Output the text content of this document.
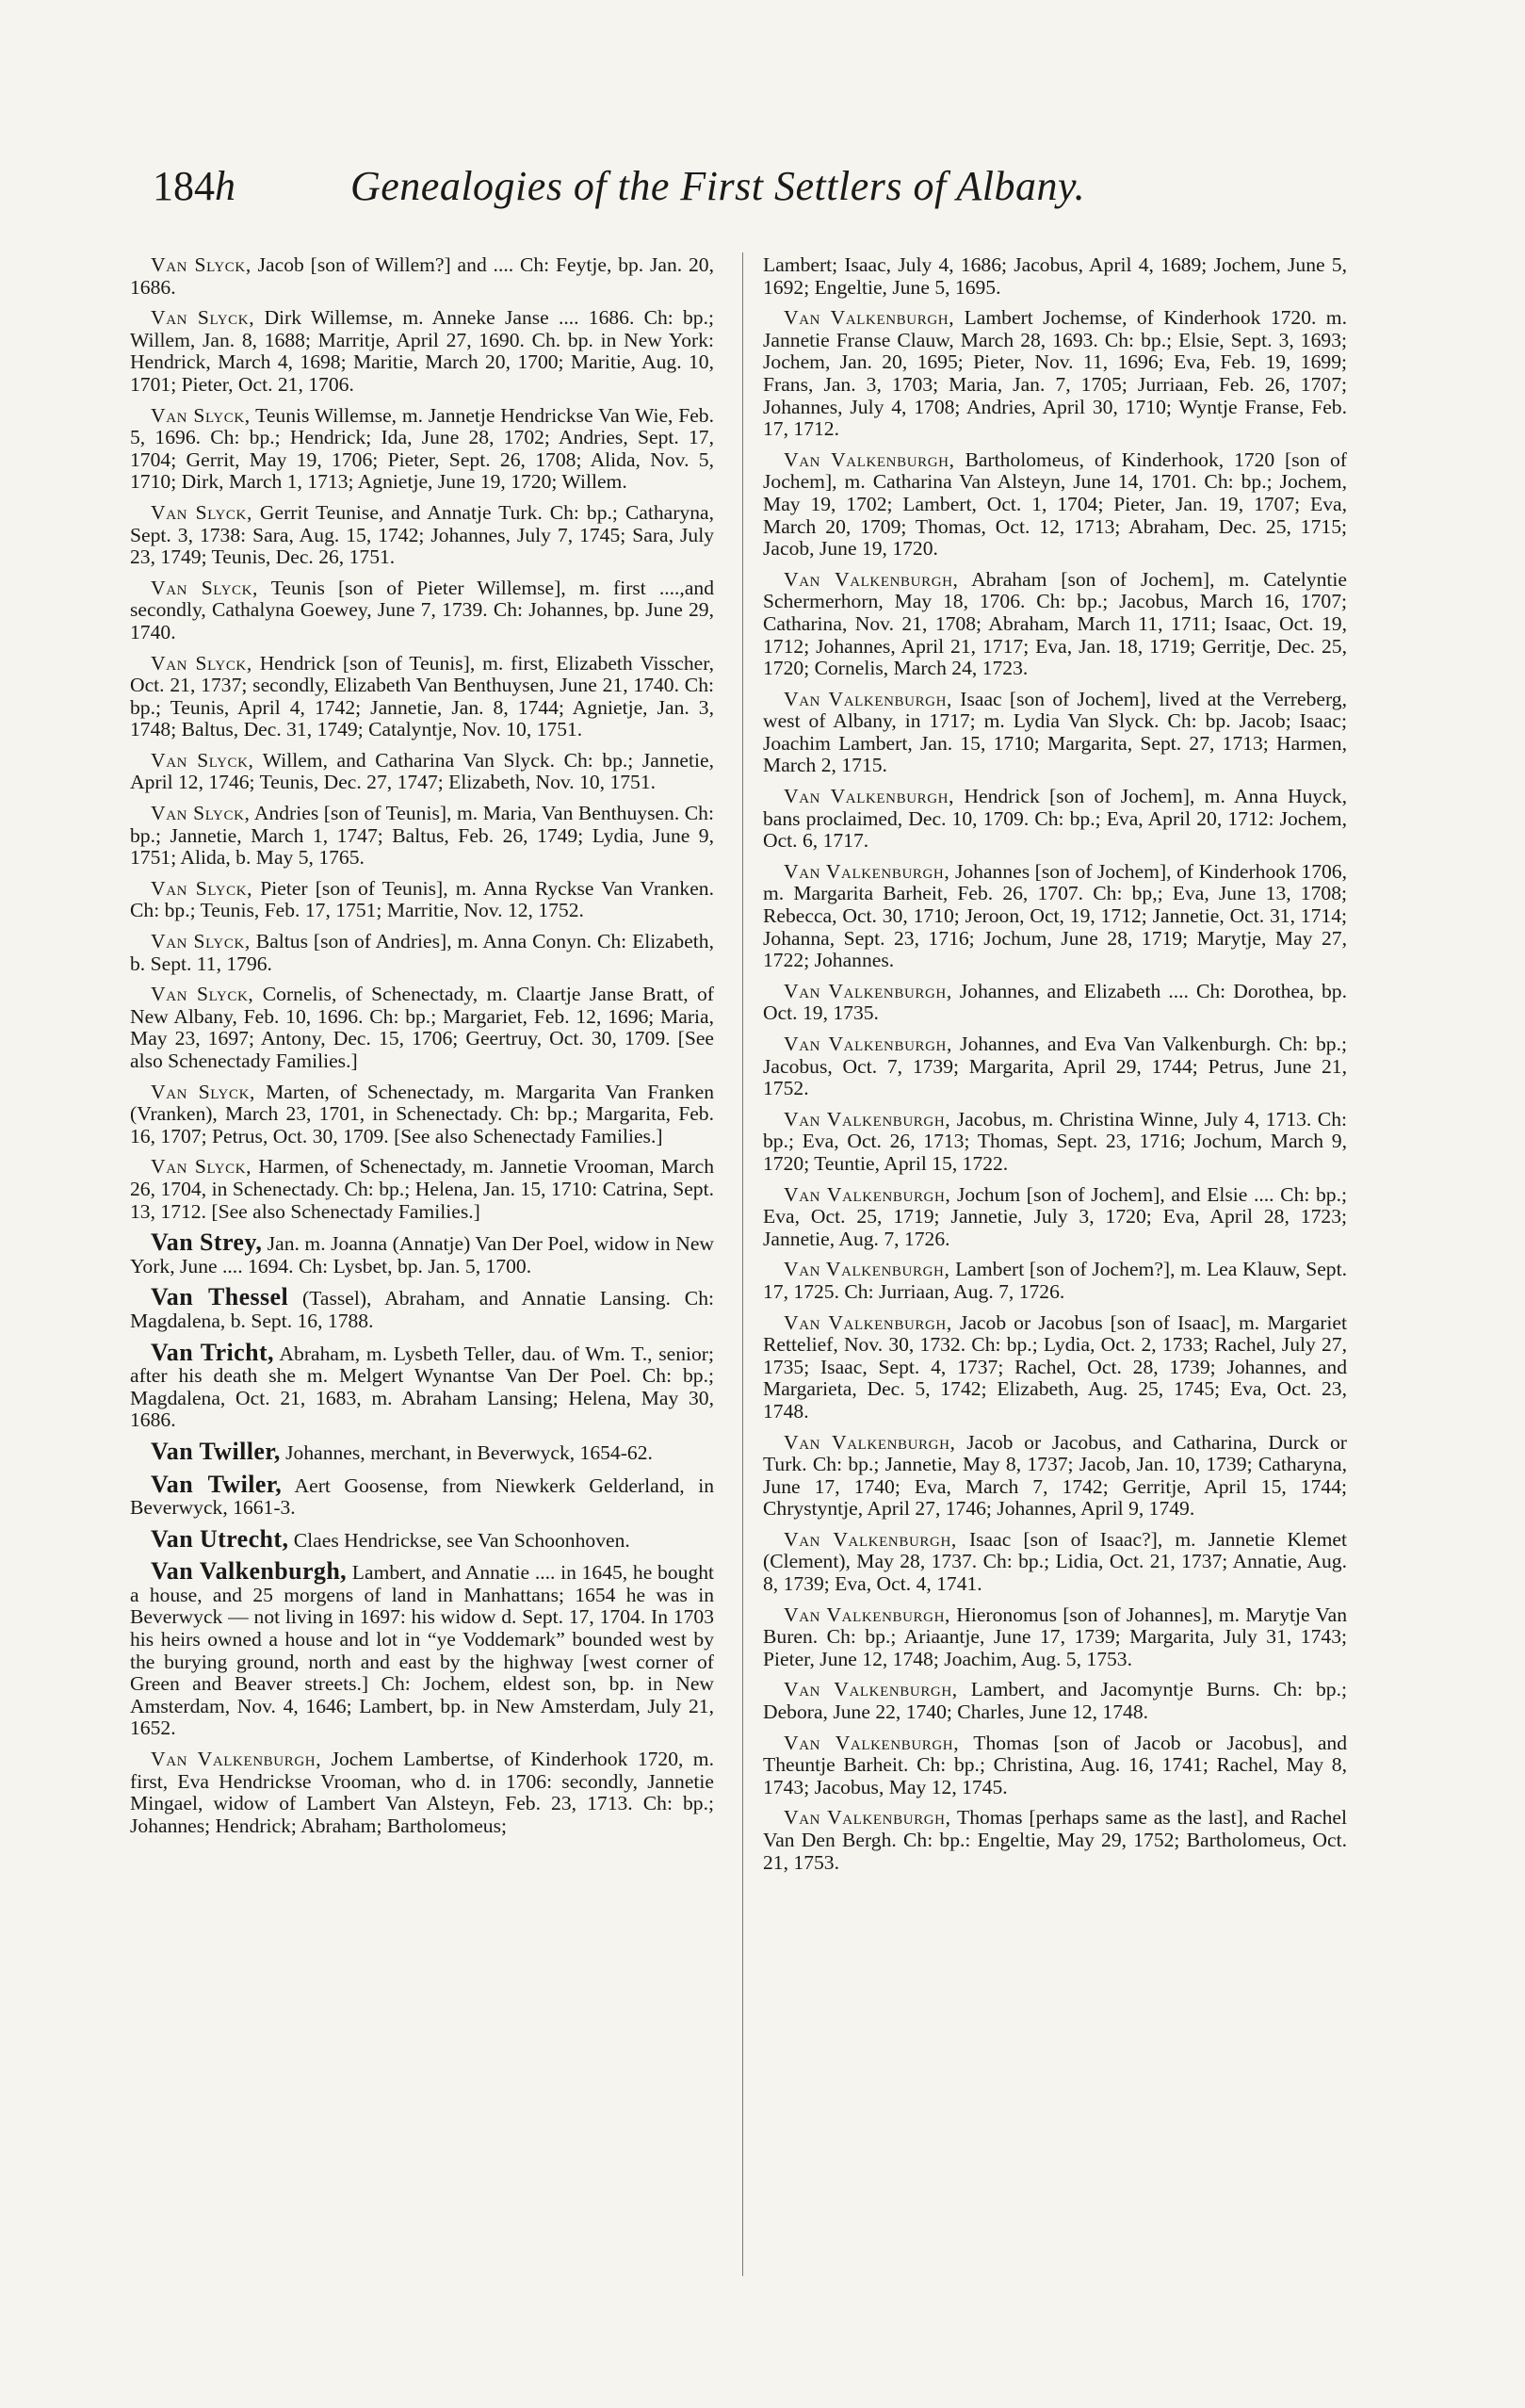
184h	Genealogies of the First Settlers of Albany.

Van Slyck, Jacob [son of Willem?] and .... Ch: Feytje, bp. Jan. 20, 1686.

Van Slyck, Dirk Willemse, m. Anneke Janse .... 1686. Ch: bp.; Willem, Jan. 8, 1688; Marritje, April 27, 1690. Ch. bp. in New York: Hendrick, March 4, 1698; Maritie, March 20, 1700; Maritie, Aug. 10, 1701; Pieter, Oct. 21, 1706.

Van Slyck, Teunis Willemse, m. Jannetje Hendrickse Van Wie, Feb. 5, 1696. Ch: bp.; Hendrick; Ida, June 28, 1702; Andries, Sept. 17, 1704; Gerrit, May 19, 1706; Pieter, Sept. 26, 1708; Alida, Nov. 5, 1710; Dirk, March 1, 1713; Agnietje, June 19, 1720; Willem.

Van Slyck, Gerrit Teunise, and Annatje Turk. Ch: bp.; Catharyna, Sept. 3, 1738: Sara, Aug. 15, 1742; Johannes, July 7, 1745; Sara, July 23, 1749; Teunis, Dec. 26, 1751.

Van Slyck, Teunis [son of Pieter Willemse], m. first ....,and secondly, Cathalyna Goewey, June 7, 1739. Ch: Johannes, bp. June 29, 1740.

Van Slyck, Hendrick [son of Teunis], m. first, Elizabeth Visscher, Oct. 21, 1737; secondly, Elizabeth Van Benthuysen, June 21, 1740. Ch: bp.; Teunis, April 4, 1742; Jannetie, Jan. 8, 1744; Agnietje, Jan. 3, 1748; Baltus, Dec. 31, 1749; Catalyntje, Nov. 10, 1751.

Van Slyck, Willem, and Catharina Van Slyck. Ch: bp.; Jannetie, April 12, 1746; Teunis, Dec. 27, 1747; Elizabeth, Nov. 10, 1751.

Van Slyck, Andries [son of Teunis], m. Maria, Van Benthuysen. Ch: bp.; Jannetie, March 1, 1747; Baltus, Feb. 26, 1749; Lydia, June 9, 1751; Alida, b. May 5, 1765.

Van Slyck, Pieter [son of Teunis], m. Anna Ryckse Van Vranken. Ch: bp.; Teunis, Feb. 17, 1751; Marritie, Nov. 12, 1752.

Van Slyck, Baltus [son of Andries], m. Anna Conyn. Ch: Elizabeth, b. Sept. 11, 1796.

Van Slyck, Cornelis, of Schenectady, m. Claartje Janse Bratt, of New Albany, Feb. 10, 1696. Ch: bp.; Margariet, Feb. 12, 1696; Maria, May 23, 1697; Antony, Dec. 15, 1706; Geertruy, Oct. 30, 1709. [See also Schenectady Families.]

Van Slyck, Marten, of Schenectady, m. Margarita Van Franken (Vranken), March 23, 1701, in Schenectady. Ch: bp.; Margarita, Feb. 16, 1707; Petrus, Oct. 30, 1709. [See also Schenectady Families.]

Van Slyck, Harmen, of Schenectady, m. Jannetie Vrooman, March 26, 1704, in Schenectady. Ch: bp.; Helena, Jan. 15, 1710: Catrina, Sept. 13, 1712. [See also Schenectady Families.]

Van Strey, Jan. m. Joanna (Annatje) Van Der Poel, widow in New York, June .... 1694. Ch: Lysbet, bp. Jan. 5, 1700.

Van Thessel (Tassel), Abraham, and Annatie Lansing. Ch: Magdalena, b. Sept. 16, 1788.

Van Tricht, Abraham, m. Lysbeth Teller, dau. of Wm. T., senior; after his death she m. Melgert Wynantse Van Der Poel. Ch: bp.; Magdalena, Oct. 21, 1683, m. Abraham Lansing; Helena, May 30, 1686.

Van Twiller, Johannes, merchant, in Beverwyck, 1654-62.

Van Twiler, Aert Goosense, from Niewkerk Gelderland, in Beverwyck, 1661-3.

Van Utrecht, Claes Hendrickse, see Van Schoonhoven.

Van Valkenburgh, Lambert, and Annatie .... in 1645, he bought a house, and 25 morgens of land in Manhattans; 1654 he was in Beverwyck — not living in 1697: his widow d. Sept. 17, 1704. In 1703 his heirs owned a house and lot in “ye Voddemark” bounded west by the burying ground, north and east by the highway [west corner of Green and Beaver streets.] Ch: Jochem, eldest son, bp. in New Amsterdam, Nov. 4, 1646; Lambert, bp. in New Amsterdam, July 21, 1652.

Van Valkenburgh, Jochem Lambertse, of Kinderhook 1720, m. first, Eva Hendrickse Vrooman, who d. in 1706: secondly, Jannetie Mingael, widow of Lambert Van Alsteyn, Feb. 23, 1713. Ch: bp.; Johannes; Hendrick; Abraham; Bartholomeus;

Lambert; Isaac, July 4, 1686; Jacobus, April 4, 1689; Jochem, June 5, 1692; Engeltie, June 5, 1695.

Van Valkenburgh, Lambert Jochemse, of Kinderhook 1720. m. Jannetie Franse Clauw, March 28, 1693. Ch: bp.; Elsie, Sept. 3, 1693; Jochem, Jan. 20, 1695; Pieter, Nov. 11, 1696; Eva, Feb. 19, 1699; Frans, Jan. 3, 1703; Maria, Jan. 7, 1705; Jurriaan, Feb. 26, 1707; Johannes, July 4, 1708; Andries, April 30, 1710; Wyntje Franse, Feb. 17, 1712.

Van Valkenburgh, Bartholomeus, of Kinderhook, 1720 [son of Jochem], m. Catharina Van Alsteyn, June 14, 1701. Ch: bp.; Jochem, May 19, 1702; Lambert, Oct. 1, 1704; Pieter, Jan. 19, 1707; Eva, March 20, 1709; Thomas, Oct. 12, 1713; Abraham, Dec. 25, 1715; Jacob, June 19, 1720.

Van Valkenburgh, Abraham [son of Jochem], m. Catelyntie Schermerhorn, May 18, 1706. Ch: bp.; Jacobus, March 16, 1707; Catharina, Nov. 21, 1708; Abraham, March 11, 1711; Isaac, Oct. 19, 1712; Johannes, April 21, 1717; Eva, Jan. 18, 1719; Gerritje, Dec. 25, 1720; Cornelis, March 24, 1723.

Van Valkenburgh, Isaac [son of Jochem], lived at the Verreberg, west of Albany, in 1717; m. Lydia Van Slyck. Ch: bp. Jacob; Isaac; Joachim Lambert, Jan. 15, 1710; Margarita, Sept. 27, 1713; Harmen, March 2, 1715.

Van Valkenburgh, Hendrick [son of Jochem], m. Anna Huyck, bans proclaimed, Dec. 10, 1709. Ch: bp.; Eva, April 20, 1712: Jochem, Oct. 6, 1717.

Van Valkenburgh, Johannes [son of Jochem], of Kinderhook 1706, m. Margarita Barheit, Feb. 26, 1707. Ch: bp,; Eva, June 13, 1708; Rebecca, Oct. 30, 1710; Jeroon, Oct, 19, 1712; Jannetie, Oct. 31, 1714; Johanna, Sept. 23, 1716; Jochum, June 28, 1719; Marytje, May 27, 1722; Johannes.

Van Valkenburgh, Johannes, and Elizabeth .... Ch: Dorothea, bp. Oct. 19, 1735.

Van Valkenburgh, Johannes, and Eva Van Valkenburgh. Ch: bp.; Jacobus, Oct. 7, 1739; Margarita, April 29, 1744; Petrus, June 21, 1752.

Van Valkenburgh, Jacobus, m. Christina Winne, July 4, 1713. Ch: bp.; Eva, Oct. 26, 1713; Thomas, Sept. 23, 1716; Jochum, March 9, 1720; Teuntie, April 15, 1722.

Van Valkenburgh, Jochum [son of Jochem], and Elsie .... Ch: bp.; Eva, Oct. 25, 1719; Jannetie, July 3, 1720; Eva, April 28, 1723; Jannetie, Aug. 7, 1726.

Van Valkenburgh, Lambert [son of Jochem?], m. Lea Klauw, Sept. 17, 1725. Ch: Jurriaan, Aug. 7, 1726.

Van Valkenburgh, Jacob or Jacobus [son of Isaac], m. Margariet Rettelief, Nov. 30, 1732. Ch: bp.; Lydia, Oct. 2, 1733; Rachel, July 27, 1735; Isaac, Sept. 4, 1737; Rachel, Oct. 28, 1739; Johannes, and Margarieta, Dec. 5, 1742; Elizabeth, Aug. 25, 1745; Eva, Oct. 23, 1748.

Van Valkenburgh, Jacob or Jacobus, and Catharina, Durck or Turk. Ch: bp.; Jannetie, May 8, 1737; Jacob, Jan. 10, 1739; Catharyna, June 17, 1740; Eva, March 7, 1742; Gerritje, April 15, 1744; Chrystyntje, April 27, 1746; Johannes, April 9, 1749.

Van Valkenburgh, Isaac [son of Isaac?], m. Jannetie Klemet (Clement), May 28, 1737. Ch: bp.; Lidia, Oct. 21, 1737; Annatie, Aug. 8, 1739; Eva, Oct. 4, 1741.

Van Valkenburgh, Hieronomus [son of Johannes], m. Marytje Van Buren. Ch: bp.; Ariaantje, June 17, 1739; Margarita, July 31, 1743; Pieter, June 12, 1748; Joachim, Aug. 5, 1753.

Van Valkenburgh, Lambert, and Jacomyntje Burns. Ch: bp.; Debora, June 22, 1740; Charles, June 12, 1748.

Van Valkenburgh, Thomas [son of Jacob or Jacobus], and Theuntje Barheit. Ch: bp.; Christina, Aug. 16, 1741; Rachel, May 8, 1743; Jacobus, May 12, 1745.

Van Valkenburgh, Thomas [perhaps same as the last], and Rachel Van Den Bergh. Ch: bp.: Engeltie, May 29, 1752; Bartholomeus, Oct. 21, 1753.
